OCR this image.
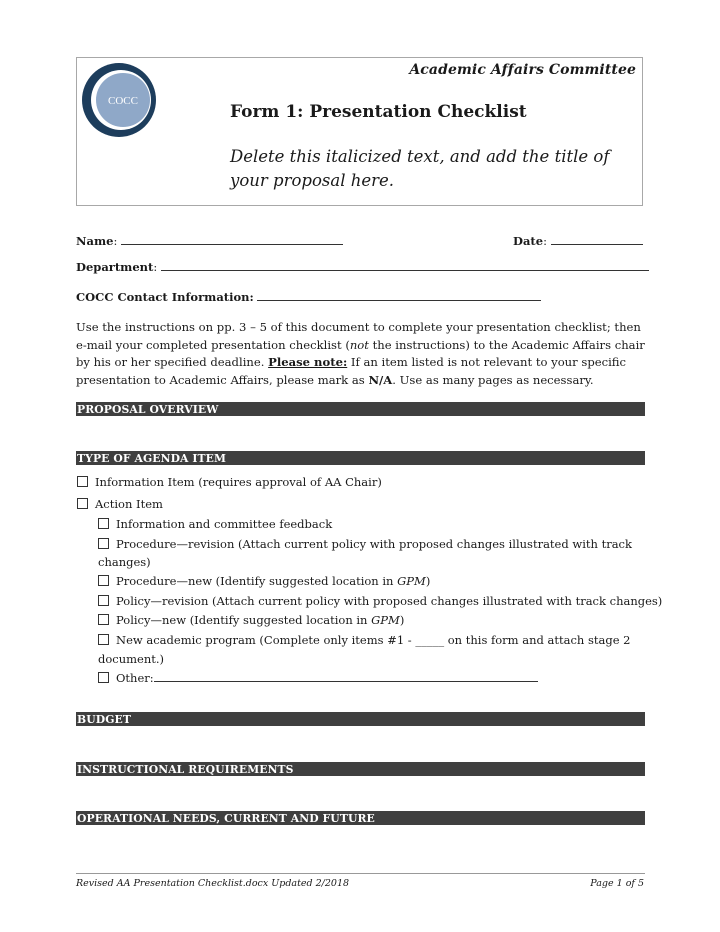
COCC
Academic Affairs Committee
Form 1: Presentation Checklist
Delete this italicized text, and add the title of your proposal here.
Name:	Date:
Department:
COCC Contact Information:
Use the instructions on pp. 3 – 5 of this document to complete your presentation checklist; then e-mail your completed presentation checklist (not the instructions) to the Academic Affairs chair by his or her specified deadline. Please note: If an item listed is not relevant to your specific presentation to Academic Affairs, please mark as N/A. Use as many pages as necessary.
PROPOSAL OVERVIEW
TYPE OF AGENDA ITEM
Information Item (requires approval of AA Chair)
Action Item
Information and committee feedback
Procedure—revision (Attach current policy with proposed changes illustrated with track
changes)
Procedure—new (Identify suggested location in GPM)
Policy—revision (Attach current policy with proposed changes illustrated with track changes)
Policy—new (Identify suggested location in GPM)
New academic program (Complete only items #1 - _____ on this form and attach stage 2
document.)
Other:
BUDGET
INSTRUCTIONAL REQUIREMENTS
OPERATIONAL NEEDS, CURRENT AND FUTURE
Revised AA Presentation Checklist.docx Updated 2/2018	Page 1 of 5
